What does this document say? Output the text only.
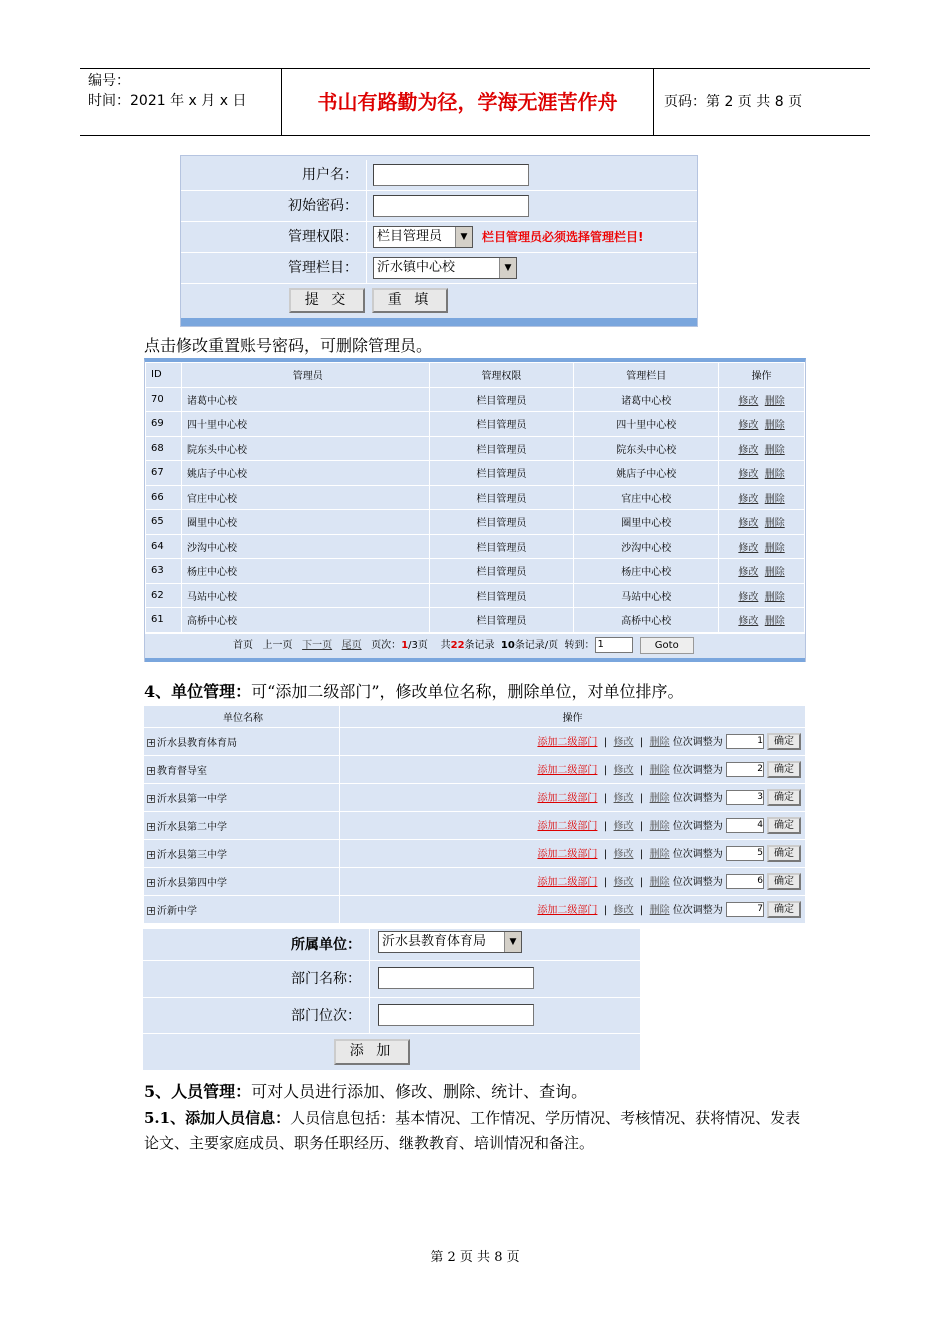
编号：
时间：2021 年 x 月 x 日	书山有路勤为径，学海无涯苦作舟	页码：第 2 页 共 8 页
用户名：
初始密码：
管理权限：	栏目管理员	▼	栏目管理员必须选择管理栏目!
管理栏目：	沂水镇中心校	▼
提 交	重 填
点击修改重置账号密码，可删除管理员。
ID	管理员	管理权限	管理栏目	操作
70	诸葛中心校	栏目管理员	诸葛中心校	修改 删除
69	四十里中心校	栏目管理员	四十里中心校	修改 删除
68	院东头中心校	栏目管理员	院东头中心校	修改 删除
67	姚店子中心校	栏目管理员	姚店子中心校	修改 删除
66	官庄中心校	栏目管理员	官庄中心校	修改 删除
65	圈里中心校	栏目管理员	圈里中心校	修改 删除
64	沙沟中心校	栏目管理员	沙沟中心校	修改 删除
63	杨庄中心校	栏目管理员	杨庄中心校	修改 删除
62	马站中心校	栏目管理员	马站中心校	修改 删除
61	高桥中心校	栏目管理员	高桥中心校	修改 删除
首页 上一页 下一页 尾页 页次：1/3页 共22条记录 10条记录/页 转到： 1	Goto
4、单位管理：可“添加二级部门”，修改单位名称，删除单位，对单位排序。
单位名称	操作
+ 沂水县教育体育局	添加二级部门  |  修改  |  删除 位次调整为 1 确定
+ 教育督导室	添加二级部门  |  修改  |  删除 位次调整为 2 确定
+ 沂水县第一中学	添加二级部门  |  修改  |  删除 位次调整为 3 确定
+ 沂水县第二中学	添加二级部门  |  修改  |  删除 位次调整为 4 确定
+ 沂水县第三中学	添加二级部门  |  修改  |  删除 位次调整为 5 确定
+ 沂水县第四中学	添加二级部门  |  修改  |  删除 位次调整为 6 确定
+ 沂新中学	添加二级部门  |  修改  |  删除 位次调整为 7 确定
所属单位：	沂水县教育体育局	▼
部门名称：
部门位次：
添 加
5、人员管理：可对人员进行添加、修改、删除、统计、查询。
5.1、添加人员信息：人员信息包括：基本情况、工作情况、学历情况、考核情况、获将情况、发表论文、主要家庭成员、职务任职经历、继教教育、培训情况和备注。
第 2 页 共 8 页
